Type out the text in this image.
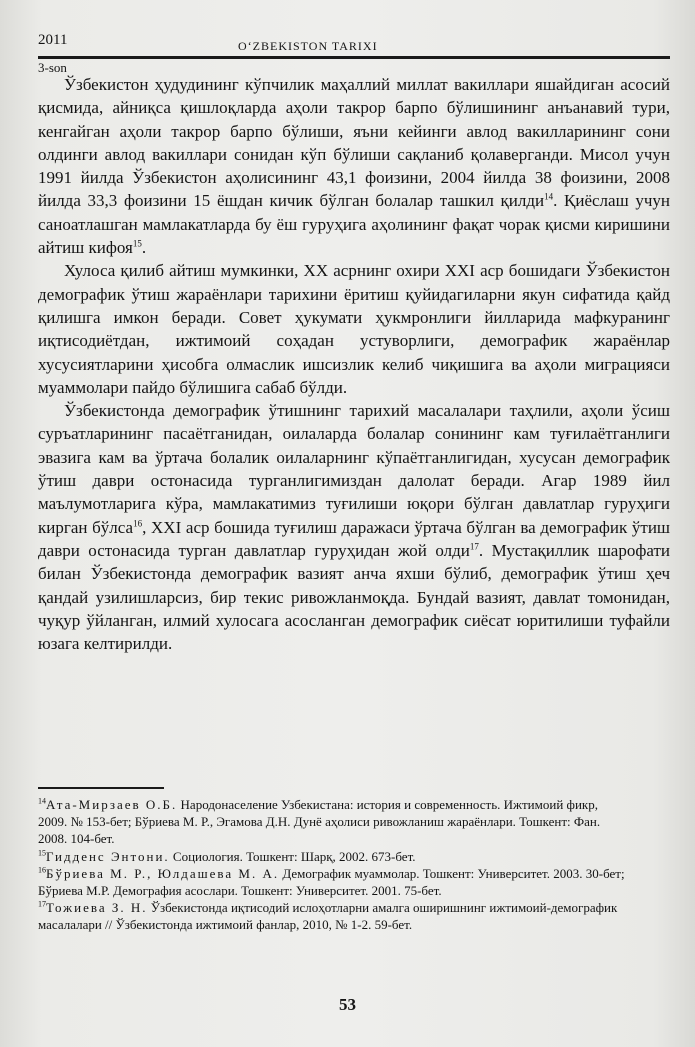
2011	O‘ZBEKISTON TARIXI
3-son

Ўзбекистон ҳудудининг кўпчилик маҳаллий миллат вакиллари яшайдиган асосий қисмида, айниқса қишлоқларда аҳоли такрор барпо бўлишининг анъанавий тури, кенгайган аҳоли такрор барпо бўлиши, яъни кейинги авлод вакилларининг сони олдинги авлод вакиллари сонидан кўп бўлиши сақланиб қолаверганди. Мисол учун 1991 йилда Ўзбекистон аҳолисининг 43,1 фоизини, 2004 йилда 38 фоизини, 2008 йилда 33,3 фоизини 15 ёшдан кичик бўлган болалар ташкил қилди$^{14}$. Қиёслаш учун саноатлашган мамлакатларда бу ёш гуруҳига аҳолининг фақат чорак қисми киришини айтиш кифоя$^{15}$.

Хулоса қилиб айтиш мумкинки, ХХ асрнинг охири ХХI аср бошидаги Ўзбекистон демографик ўтиш жараёнлари тарихини ёритиш қуйидагиларни якун сифатида қайд қилишга имкон беради. Совет ҳукумати ҳукмронлиги йилларида мафкуранинг иқтисодиётдан, ижтимоий соҳадан устуворлиги, демографик жараёнлар хусусиятларини ҳисобга олмаслик ишсизлик келиб чиқишига ва аҳоли миграцияси муаммолари пайдо бўлишига сабаб бўлди.

Ўзбекистонда демографик ўтишнинг тарихий масалалари таҳлили, аҳоли ўсиш суръатларининг пасаётганидан, оилаларда болалар сонининг кам туғилаётганлиги эвазига кам ва ўртача болалик оилаларнинг кўпаётганлигидан, хусусан демографик ўтиш даври остонасида турганлигимиздан далолат беради. Агар 1989 йил маълумотларига кўра, мамлакатимиз туғилиши юқори бўлган давлатлар гуруҳиги кирган бўлса$^{16}$, ХХI аср бошида туғилиш даражаси ўртача бўлган ва демографик ўтиш даври остонасида турган давлатлар гуруҳидан жой олди$^{17}$. Мустақиллик шарофати билан Ўзбекистонда демографик вазият анча яхши бўлиб, демографик ўтиш ҳеч қандай узилишларсиз, бир текис ривожланмоқда. Бундай вазият, давлат томонидан, чуқур ўйланган, илмий хулосага асосланган демографик сиёсат юритилиши туфайли юзага келтирилди.

$^{14}$Ата-Мирзаев О.Б. Народонаселение Узбекистана: история и современность. Ижтимоий фикр, 2009. № 153-бет; Бўриева М. Р., Эгамова Д.Н. Дунё аҳолиси ривожланиш жараёнлари. Тошкент: Фан. 2008. 104-бет.
$^{15}$Гидденс Энтони. Социология. Тошкент: Шарқ, 2002. 673-бет.
$^{16}$Бўриева М. Р., Юлдашева М. А. Демографик муаммолар. Тошкент: Университет. 2003. 30-бет; Бўриева М.Р. Демография асослари. Тошкент: Университет. 2001. 75-бет.
$^{17}$Тожиева З. Н. Ўзбекистонда иқтисодий ислоҳотларни амалга оширишнинг ижтимоий-демографик масалалари // Ўзбекистонда ижтимоий фанлар, 2010, № 1-2. 59-бет.
53
